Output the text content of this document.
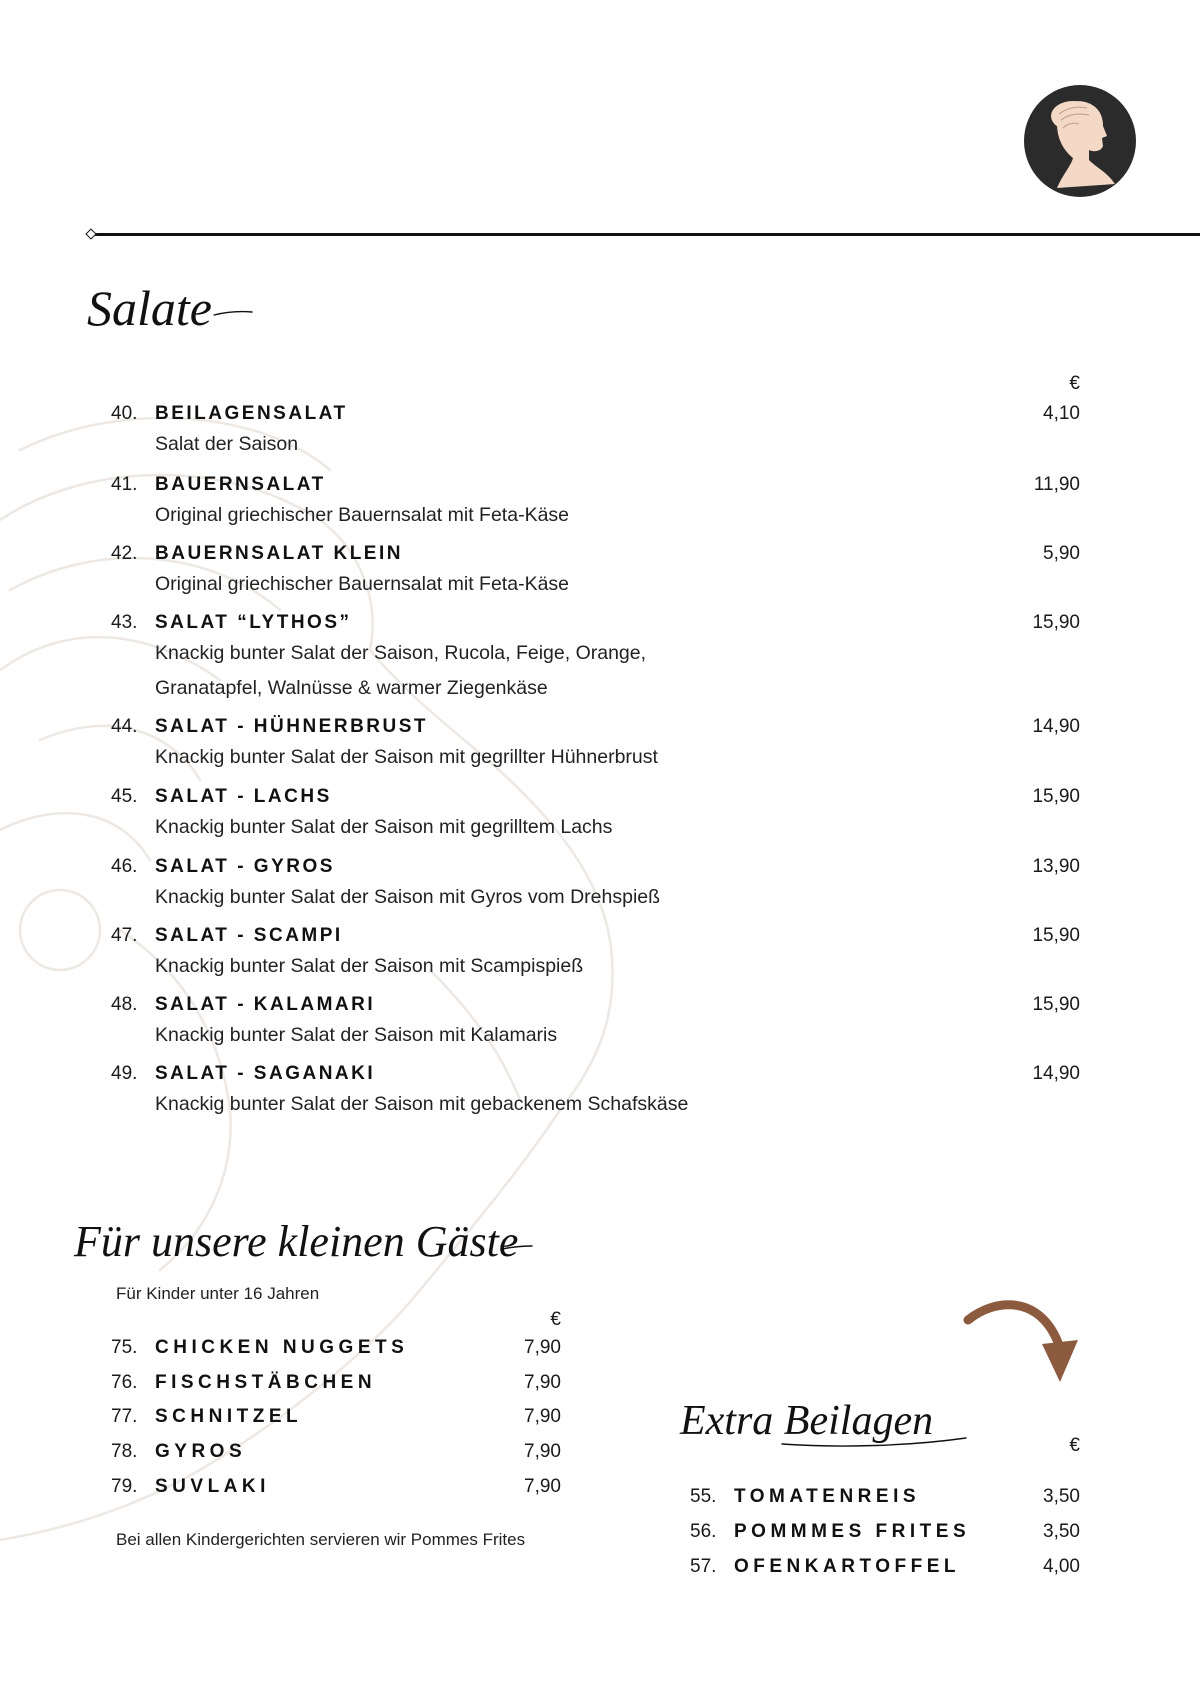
Salate
€
40. BEILAGENSALAT	4,10
Salat der Saison
41. BAUERNSALAT	11,90
Original griechischer Bauernsalat mit Feta-Käse
42. BAUERNSALAT KLEIN	5,90
Original griechischer Bauernsalat mit Feta-Käse
43. SALAT “LYTHOS”	15,90
Knackig bunter Salat der Saison, Rucola, Feige, Orange,
Granatapfel, Walnüsse & warmer Ziegenkäse
44. SALAT - HÜHNERBRUST	14,90
Knackig bunter Salat der Saison mit gegrillter Hühnerbrust
45. SALAT - LACHS	15,90
Knackig bunter Salat der Saison mit gegrilltem Lachs
46. SALAT - GYROS	13,90
Knackig bunter Salat der Saison mit Gyros vom Drehspieß
47. SALAT - SCAMPI	15,90
Knackig bunter Salat der Saison mit Scampispieß
48. SALAT - KALAMARI	15,90
Knackig bunter Salat der Saison mit Kalamaris
49. SALAT - SAGANAKI	14,90
Knackig bunter Salat der Saison mit gebackenem Schafskäse
Für unsere kleinen Gäste
Für Kinder unter 16 Jahren
€
75. CHICKEN NUGGETS	7,90
76. FISCHSTÄBCHEN	7,90
77. SCHNITZEL	7,90
78. GYROS	7,90
79. SUVLAKI	7,90
Bei allen Kindergerichten servieren wir Pommes Frites
Extra Beilagen
€
55. TOMATENREIS	3,50
56. POMMMES FRITES	3,50
57. OFENKARTOFFEL	4,00
